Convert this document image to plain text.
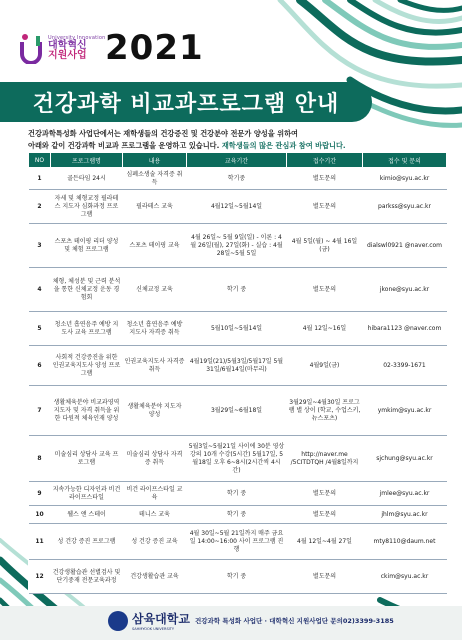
University Innovation
대학혁신
지원사업 2021
건강과학 비교과프로그램 안내
건강과학특성화 사업단에서는 재학생들의 건강증진 및 건강분야 전문가 양성을 위하여
아래와 같이 건강과학 비교과 프로그램을 운영하고 있습니다. 재학생들의 많은 관심과 참여 바랍니다.
NO	프로그램명	내용	교육기간	접수기간	접수 및 문의
1	골든타임 24시	심폐소생술 자격증 취득	학기중	별도문의	kimio@syu.ac.kr
2	자세 및 체형교정 필라테스 지도자 심화과정 프로그램	필라테스 교육	4월12일~5월14일	별도문의	parkss@syu.ac.kr
3	스포츠 테이핑 리더 양성 및 체험 프로그램	스포츠 테이핑 교육	4월 26일~ 5월 9일(일) - 이론 : 4월 26일(월), 27일(화) - 실습 : 4월28일~5월 5일	4월 5일(월) ~ 4월 16일(금)	dialswl0921 @naver.com
4	체형, 체성분 및 근력 분석을 통한 신체교정 운동 경험회	신체교정 교육	학기 중	별도문의	jkone@syu.ac.kr
5	청소년 흡연음주 예방 지도사 교육 프로그램	청소년 흡연음주 예방 지도사 자격증 취득	5월10일~5월14일	4월 12일~16일	hibara1123 @naver.com
6	사회적 건강증진을 위한 인권교육지도사 양성 프로그램	인권교육지도사 자격증 취득	4월19일(21)/5월3일/5월17일 5월31일/6월14일(마무리)	4월9일(금)	02-3399-1671
7	생활체육분야 비교과영역 지도자 및 자격 취득을 위한 다원적 체육인재 양성	생활체육분야 지도자 양성	3월29일~6월18일	3월29일~4월30일 프로그램 별 상이 (학교, 수업스키, 뉴스포츠)	ymkim@syu.ac.kr
8	미술심리 상담사 교육 프로그램	미술심리 상담사 자격증 취득	5월3일~5월21일 사이에 30분 영상강의 10개 수강(5시간) 5월17일, 5월18일 오후 6~8시(2시간씩 4시간)	http://naver.me /5CITDTQH /4월8일까지	sjchung@syu.ac.kr
9	지속가능한 디자인과 비건 라이프스타일	비건 라이프스타일 교육	학기 중	별도문의	jmlee@syu.ac.kr
10	웰스 앤 스테이	테니스 교육	학기 중	별도문의	jhlm@syu.ac.kr
11	성 건강 증진 프로그램	성 건강 증진 교육	4월 30일~5월 21일까지 매주 금요일 14:00~16:00 사이 프로그램 진행	4월 12일~4월 27일	mty8110@daum.net
12	건강생활습관 선별검사 및 단기중재 전문교육과정	건강생활습관 교육	학기 중	별도문의	ckim@syu.ac.kr
삼육대학교
SAHMYOOK UNIVERSITY
건강과학 특성화 사업단 · 대학혁신 지원사업단 문의02)3399-3185
